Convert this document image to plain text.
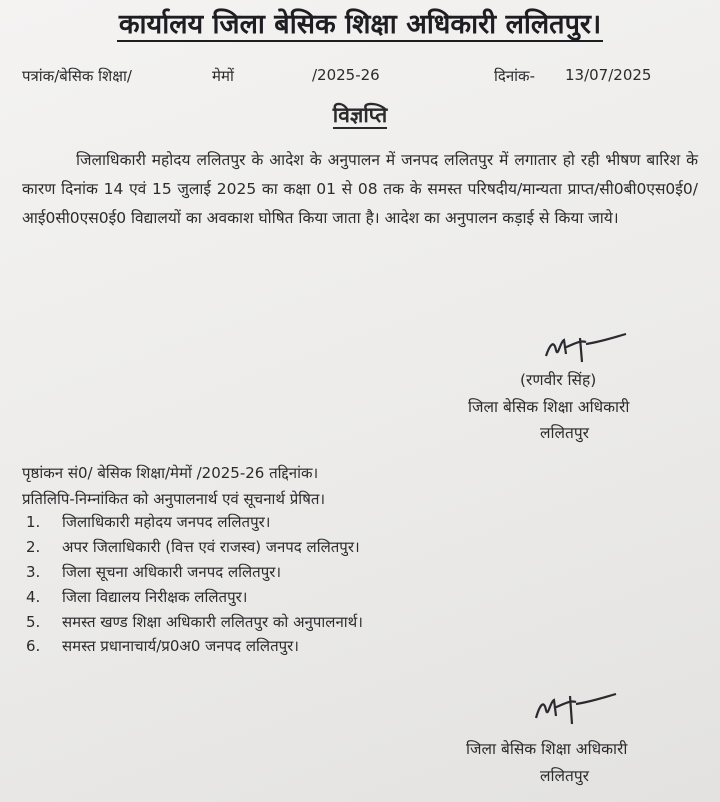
कार्यालय जिला बेसिक शिक्षा अधिकारी ललितपुर।
पत्रांक/बेसिक शिक्षा/	मेमों	/2025-26	दिनांक- 13/07/2025
विज्ञप्ति
जिलाधिकारी महोदय ललितपुर के आदेश के अनुपालन में जनपद ललितपुर में लगातार हो रही भीषण बारिश के कारण दिनांक 14 एवं 15 जुलाई 2025 का कक्षा 01 से 08 तक के समस्त परिषदीय/मान्यता प्राप्त/सी0बी0एस0ई0/आई0सी0एस0ई0 विद्यालयों का अवकाश घोषित किया जाता है। आदेश का अनुपालन कड़ाई से किया जाये।
(रणवीर सिंह)
जिला बेसिक शिक्षा अधिकारी
ललितपुर
पृष्ठांकन सं0/ बेसिक शिक्षा/मेमों /2025-26 तद्दिनांक।
प्रतिलिपि-निम्नांकित को अनुपालनार्थ एवं सूचनार्थ प्रेषित।
1. जिलाधिकारी महोदय जनपद ललितपुर।
2. अपर जिलाधिकारी (वित्त एवं राजस्व) जनपद ललितपुर।
3. जिला सूचना अधिकारी जनपद ललितपुर।
4. जिला विद्यालय निरीक्षक ललितपुर।
5. समस्त खण्ड शिक्षा अधिकारी ललितपुर को अनुपालनार्थ।
6. समस्त प्रधानाचार्य/प्र0अ0 जनपद ललितपुर।
जिला बेसिक शिक्षा अधिकारी
ललितपुर
